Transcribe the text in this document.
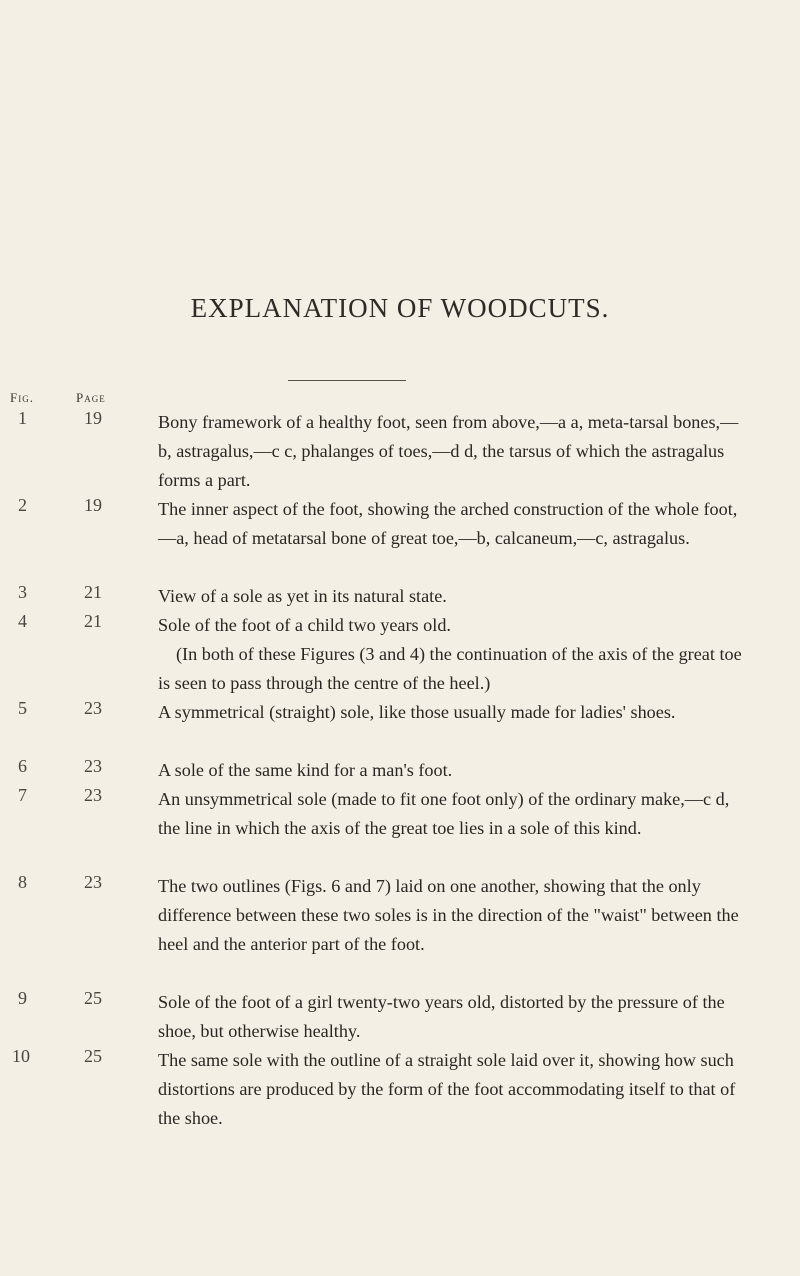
EXPLANATION OF WOODCUTS.
Fig.	Page
1	19	Bony framework of a healthy foot, seen from above,—a a, meta-tarsal bones,—b, astragalus,—c c, phalanges of toes,—d d, the tarsus of which the astragalus forms a part.
2	19	The inner aspect of the foot, showing the arched construction of the whole foot,—a, head of metatarsal bone of great toe,—b, calcaneum,—c, astragalus.
3	21	View of a sole as yet in its natural state.
4	21	Sole of the foot of a child two years old.
(In both of these Figures (3 and 4) the continuation of the axis of the great toe is seen to pass through the centre of the heel.)
5	23	A symmetrical (straight) sole, like those usually made for ladies' shoes.
6	23	A sole of the same kind for a man's foot.
7	23	An unsymmetrical sole (made to fit one foot only) of the ordinary make,—c d, the line in which the axis of the great toe lies in a sole of this kind.
8	23	The two outlines (Figs. 6 and 7) laid on one another, showing that the only difference between these two soles is in the direction of the "waist" between the heel and the anterior part of the foot.
9	25	Sole of the foot of a girl twenty-two years old, distorted by the pressure of the shoe, but otherwise healthy.
10	25	The same sole with the outline of a straight sole laid over it, showing how such distortions are produced by the form of the foot accommodating itself to that of the shoe.
